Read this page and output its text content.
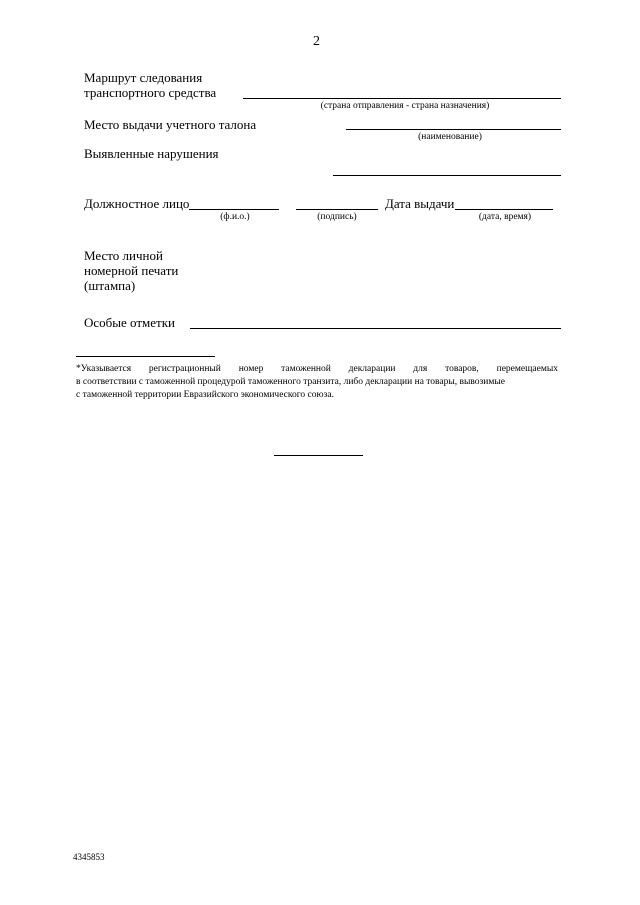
2
Маршрут следования
транспортного средства
(страна отправления - страна назначения)
Место выдачи учетного талона
(наименование)
Выявленные нарушения
Должностное лицо
(ф.и.о.)	(подпись)
Дата выдачи
(дата, время)
Место личной
номерной печати
(штампа)
Особые отметки
*Указывается регистрационный номер таможенной декларации для товаров, перемещаемых
в соответствии с таможенной процедурой таможенного транзита, либо декларации на товары, вывозимые
с таможенной территории Евразийского экономического союза.
4345853
